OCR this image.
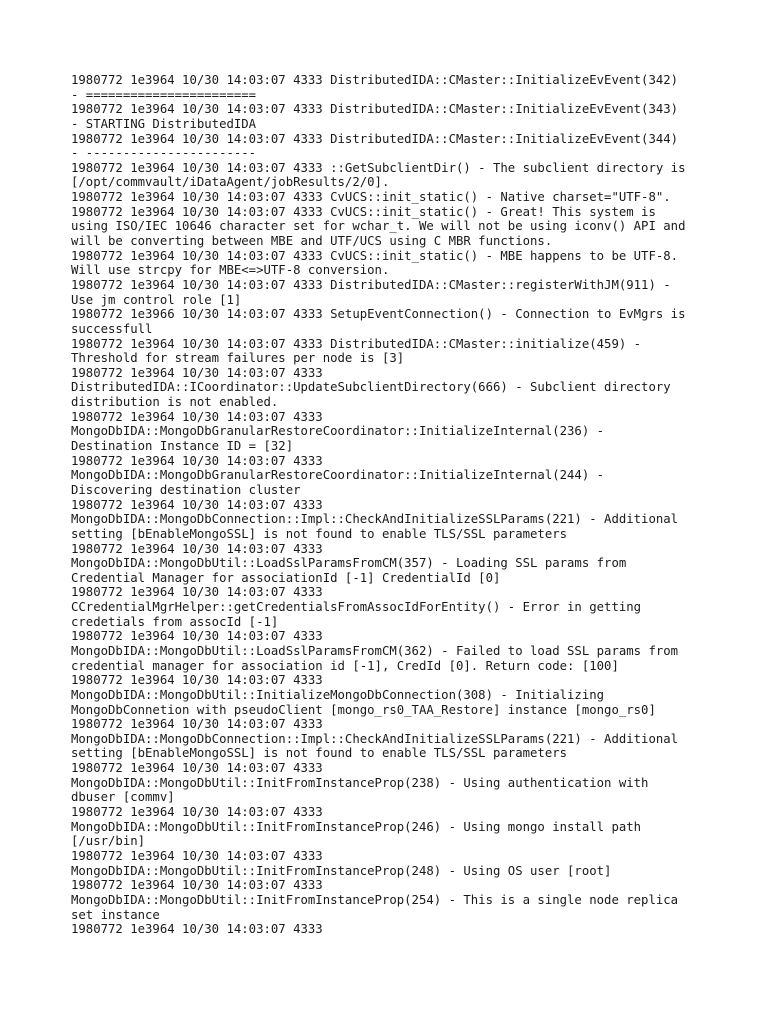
1980772 1e3964 10/30 14:03:07 4333 DistributedIDA::CMaster::InitializeEvEvent(342)
- =======================
1980772 1e3964 10/30 14:03:07 4333 DistributedIDA::CMaster::InitializeEvEvent(343)
- STARTING DistributedIDA
1980772 1e3964 10/30 14:03:07 4333 DistributedIDA::CMaster::InitializeEvEvent(344)
- -----------------------
1980772 1e3964 10/30 14:03:07 4333 ::GetSubclientDir() - The subclient directory is
[/opt/commvault/iDataAgent/jobResults/2/0].
1980772 1e3964 10/30 14:03:07 4333 CvUCS::init_static() - Native charset="UTF-8".
1980772 1e3964 10/30 14:03:07 4333 CvUCS::init_static() - Great! This system is
using ISO/IEC 10646 character set for wchar_t. We will not be using iconv() API and
will be converting between MBE and UTF/UCS using C MBR functions.
1980772 1e3964 10/30 14:03:07 4333 CvUCS::init_static() - MBE happens to be UTF-8.
Will use strcpy for MBE<=>UTF-8 conversion.
1980772 1e3964 10/30 14:03:07 4333 DistributedIDA::CMaster::registerWithJM(911) -
Use jm control role [1]
1980772 1e3966 10/30 14:03:07 4333 SetupEventConnection() - Connection to EvMgrs is
successfull
1980772 1e3964 10/30 14:03:07 4333 DistributedIDA::CMaster::initialize(459) -
Threshold for stream failures per node is [3]
1980772 1e3964 10/30 14:03:07 4333
DistributedIDA::ICoordinator::UpdateSubclientDirectory(666) - Subclient directory
distribution is not enabled.
1980772 1e3964 10/30 14:03:07 4333
MongoDbIDA::MongoDbGranularRestoreCoordinator::InitializeInternal(236) -
Destination Instance ID = [32]
1980772 1e3964 10/30 14:03:07 4333
MongoDbIDA::MongoDbGranularRestoreCoordinator::InitializeInternal(244) -
Discovering destination cluster
1980772 1e3964 10/30 14:03:07 4333
MongoDbIDA::MongoDbConnection::Impl::CheckAndInitializeSSLParams(221) - Additional
setting [bEnableMongoSSL] is not found to enable TLS/SSL parameters
1980772 1e3964 10/30 14:03:07 4333
MongoDbIDA::MongoDbUtil::LoadSslParamsFromCM(357) - Loading SSL params from
Credential Manager for associationId [-1] CredentialId [0]
1980772 1e3964 10/30 14:03:07 4333
CCredentialMgrHelper::getCredentialsFromAssocIdForEntity() - Error in getting
credetials from assocId [-1]
1980772 1e3964 10/30 14:03:07 4333
MongoDbIDA::MongoDbUtil::LoadSslParamsFromCM(362) - Failed to load SSL params from
credential manager for association id [-1], CredId [0]. Return code: [100]
1980772 1e3964 10/30 14:03:07 4333
MongoDbIDA::MongoDbUtil::InitializeMongoDbConnection(308) - Initializing
MongoDbConnetion with pseudoClient [mongo_rs0_TAA_Restore] instance [mongo_rs0]
1980772 1e3964 10/30 14:03:07 4333
MongoDbIDA::MongoDbConnection::Impl::CheckAndInitializeSSLParams(221) - Additional
setting [bEnableMongoSSL] is not found to enable TLS/SSL parameters
1980772 1e3964 10/30 14:03:07 4333
MongoDbIDA::MongoDbUtil::InitFromInstanceProp(238) - Using authentication with
dbuser [commv]
1980772 1e3964 10/30 14:03:07 4333
MongoDbIDA::MongoDbUtil::InitFromInstanceProp(246) - Using mongo install path
[/usr/bin]
1980772 1e3964 10/30 14:03:07 4333
MongoDbIDA::MongoDbUtil::InitFromInstanceProp(248) - Using OS user [root]
1980772 1e3964 10/30 14:03:07 4333
MongoDbIDA::MongoDbUtil::InitFromInstanceProp(254) - This is a single node replica
set instance
1980772 1e3964 10/30 14:03:07 4333
